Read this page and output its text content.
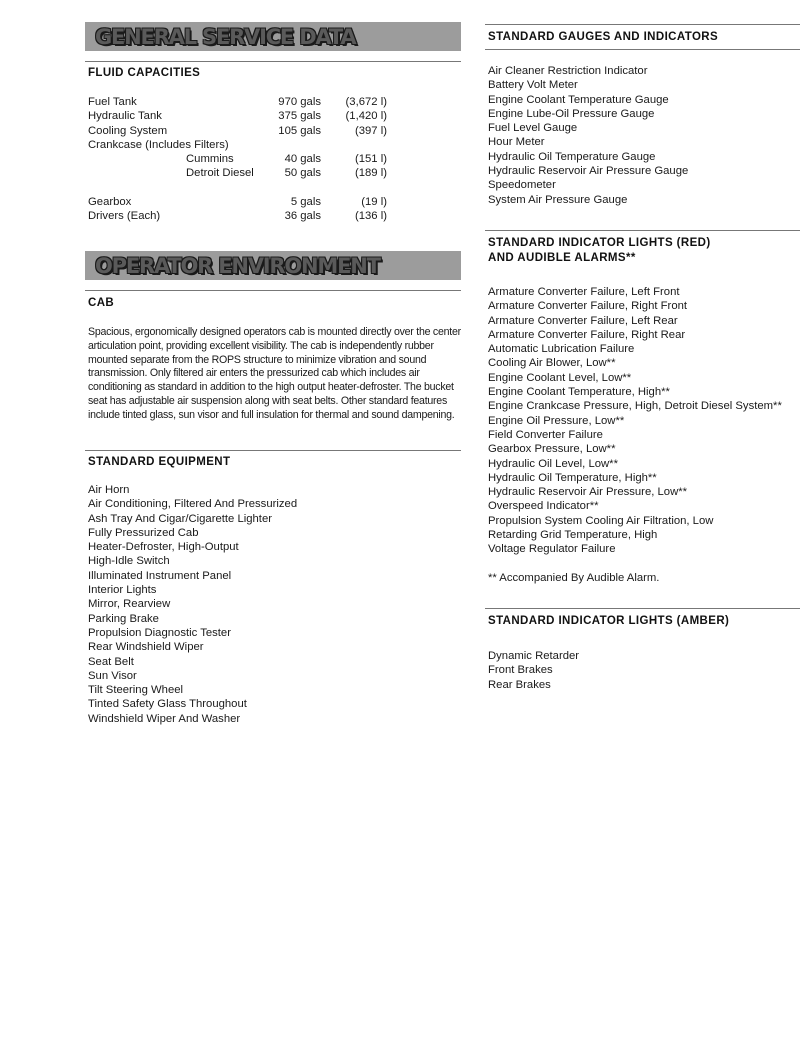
GENERAL SERVICE DATA
FLUID CAPACITIES
Fuel Tank	970 gals (3,672 l)
Hydraulic Tank	375 gals (1,420 l)
Cooling System	105 gals	(397 l)
Crankcase (Includes Filters)
Cummins	40 gals	(151 l)
Detroit Diesel	50 gals	(189 l)
Gearbox	5 gals	(19 l)
Drivers (Each)	36 gals	(136 l)
OPERATOR ENVIRONMENT
CAB
Spacious, ergonomically designed operators cab is mounted directly over the center articulation point, providing excellent visibility. The cab is independently rubber mounted separate from the ROPS structure to minimize vibration and sound transmission. Only filtered air enters the pressurized cab which includes air conditioning as standard in addition to the high output heater-defroster. The bucket seat has adjustable air suspension along with seat belts. Other standard features include tinted glass, sun visor and full insulation for thermal and sound dampening.
STANDARD EQUIPMENT
Air Horn
Air Conditioning, Filtered And Pressurized
Ash Tray And Cigar/Cigarette Lighter
Fully Pressurized Cab
Heater-Defroster, High-Output
High-Idle Switch
Illuminated Instrument Panel
Interior Lights
Mirror, Rearview
Parking Brake
Propulsion Diagnostic Tester
Rear Windshield Wiper
Seat Belt
Sun Visor
Tilt Steering Wheel
Tinted Safety Glass Throughout
Windshield Wiper And Washer
STANDARD GAUGES AND INDICATORS
Air Cleaner Restriction Indicator
Battery Volt Meter
Engine Coolant Temperature Gauge
Engine Lube-Oil Pressure Gauge
Fuel Level Gauge
Hour Meter
Hydraulic Oil Temperature Gauge
Hydraulic Reservoir Air Pressure Gauge
Speedometer
System Air Pressure Gauge
STANDARD INDICATOR LIGHTS (RED)
AND AUDIBLE ALARMS**
Armature Converter Failure, Left Front
Armature Converter Failure, Right Front
Armature Converter Failure, Left Rear
Armature Converter Failure, Right Rear
Automatic Lubrication Failure
Cooling Air Blower, Low**
Engine Coolant Level, Low**
Engine Coolant Temperature, High**
Engine Crankcase Pressure, High, Detroit Diesel System**
Engine Oil Pressure, Low**
Field Converter Failure
Gearbox Pressure, Low**
Hydraulic Oil Level, Low**
Hydraulic Oil Temperature, High**
Hydraulic Reservoir Air Pressure, Low**
Overspeed Indicator**
Propulsion System Cooling Air Filtration, Low
Retarding Grid Temperature, High
Voltage Regulator Failure
** Accompanied By Audible Alarm.
STANDARD INDICATOR LIGHTS (AMBER)
Dynamic Retarder
Front Brakes
Rear Brakes
